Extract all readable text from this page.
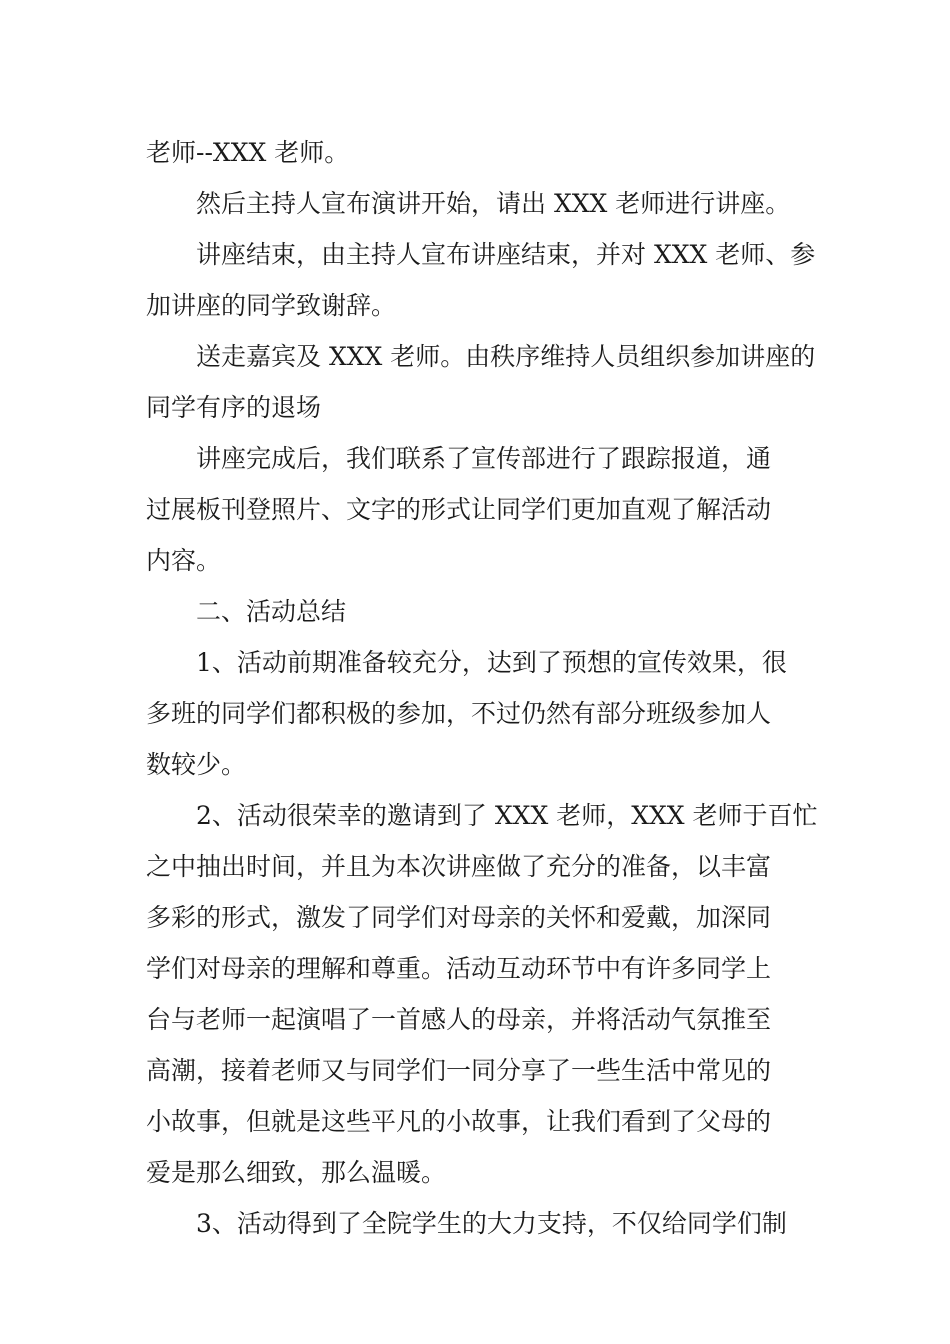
老师--XXX 老师。
然后主持人宣布演讲开始，请出 XXX 老师进行讲座。
讲座结束，由主持人宣布讲座结束，并对 XXX 老师、参
加讲座的同学致谢辞。
送走嘉宾及 XXX 老师。由秩序维持人员组织参加讲座的
同学有序的退场
讲座完成后，我们联系了宣传部进行了跟踪报道，通
过展板刊登照片、文字的形式让同学们更加直观了解活动
内容。
二、活动总结
1、活动前期准备较充分，达到了预想的宣传效果，很
多班的同学们都积极的参加，不过仍然有部分班级参加人
数较少。
2、活动很荣幸的邀请到了 XXX 老师，XXX 老师于百忙
之中抽出时间，并且为本次讲座做了充分的准备，以丰富
多彩的形式，激发了同学们对母亲的关怀和爱戴，加深同
学们对母亲的理解和尊重。活动互动环节中有许多同学上
台与老师一起演唱了一首感人的母亲，并将活动气氛推至
高潮，接着老师又与同学们一同分享了一些生活中常见的
小故事，但就是这些平凡的小故事，让我们看到了父母的
爱是那么细致，那么温暖。
3、活动得到了全院学生的大力支持，不仅给同学们制
